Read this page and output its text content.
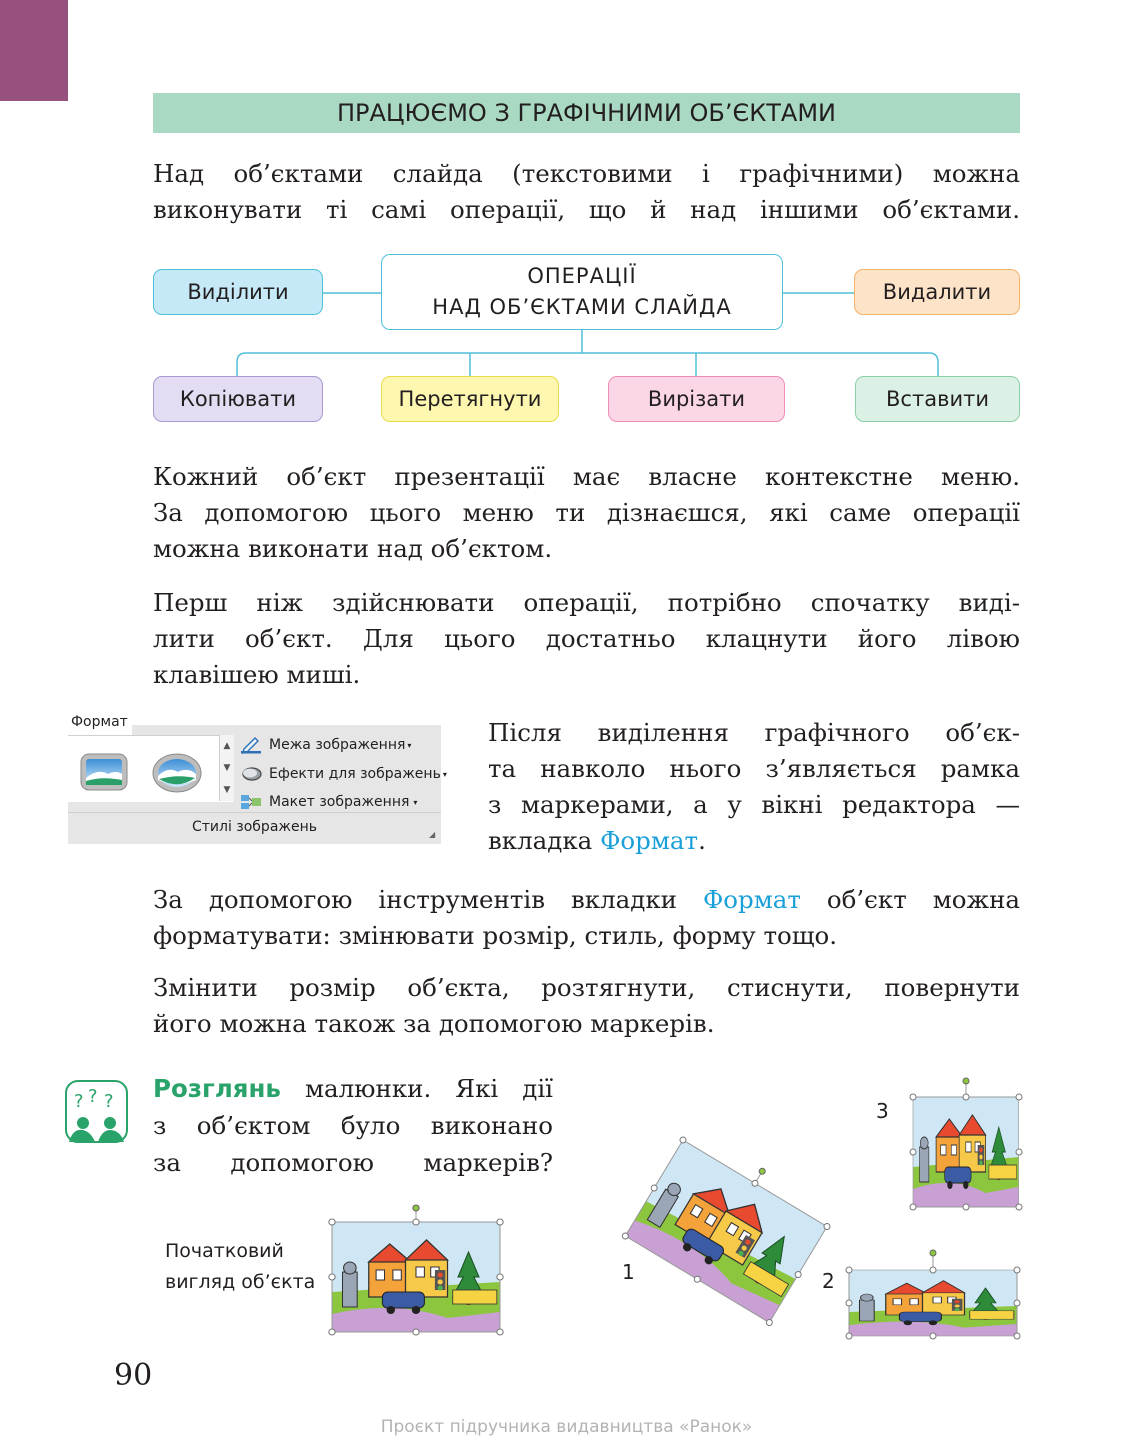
ПРАЦЮЄМО З ГРАФІЧНИМИ ОБ’ЄКТАМИ
Над об’єктами слайда (текстовими і графічними) можна
виконувати ті самі операції, що й над іншими об’єктами.
ОПЕРАЦІЇ
НАД ОБ’ЄКТАМИ СЛАЙДА
Виділити	Видалити
Копіювати	Перетягнути	Вирізати	Вставити
Кожний об’єкт презентації має власне контекстне меню.
За допомогою цього меню ти дізнаєшся, які саме операції
можна виконати над об’єктом.
Перш ніж здійснювати операції, потрібно спочатку виді-
лити об’єкт. Для цього достатньо клацнути його лівою
клавішею миші.
Формат
▲
▼
▼
Межа зображення ▾
Ефекти для зображень ▾
Макет зображення ▾
Стилі зображень	◢
Після виділення графічного об’єк-
та навколо нього з’являється рамка
з маркерами, а у вікні редактора —
вкладка Формат.
За допомогою інструментів вкладки Формат об’єкт можна
форматувати: змінювати розмір, стиль, форму тощо.
Змінити розмір об’єкта, розтягнути, стиснути, повернути
його можна також за допомогою маркерів.
? ? ? Розглянь малюнки. Які дії
з об’єктом було виконано
за допомогою маркерів?
Початковий
вигляд об’єкта	1	2
3
90
Проєкт підручника видавництва «Ранок»
